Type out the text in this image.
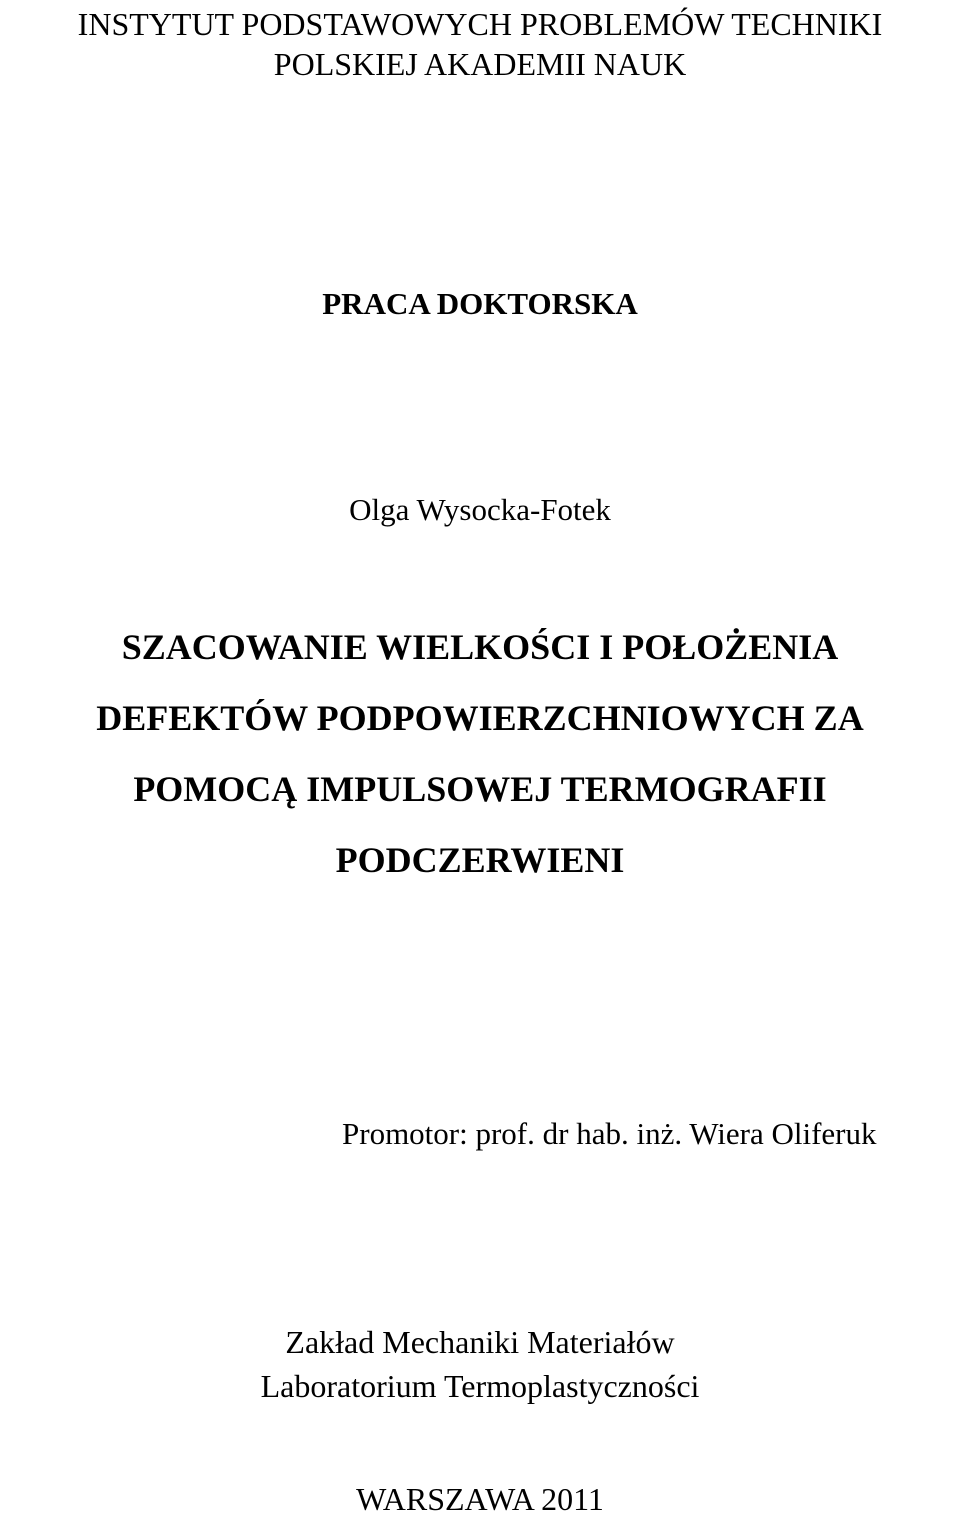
INSTYTUT PODSTAWOWYCH PROBLEMÓW TECHNIKI
POLSKIEJ AKADEMII NAUK
PRACA DOKTORSKA
Olga Wysocka-Fotek
SZACOWANIE WIELKOŚCI I POŁOŻENIA
DEFEKTÓW PODPOWIERZCHNIOWYCH ZA
POMOCĄ IMPULSOWEJ TERMOGRAFII
PODCZERWIENI
Promotor: prof. dr hab. inż. Wiera Oliferuk
Zakład Mechaniki Materiałów
Laboratorium Termoplastyczności
WARSZAWA 2011
